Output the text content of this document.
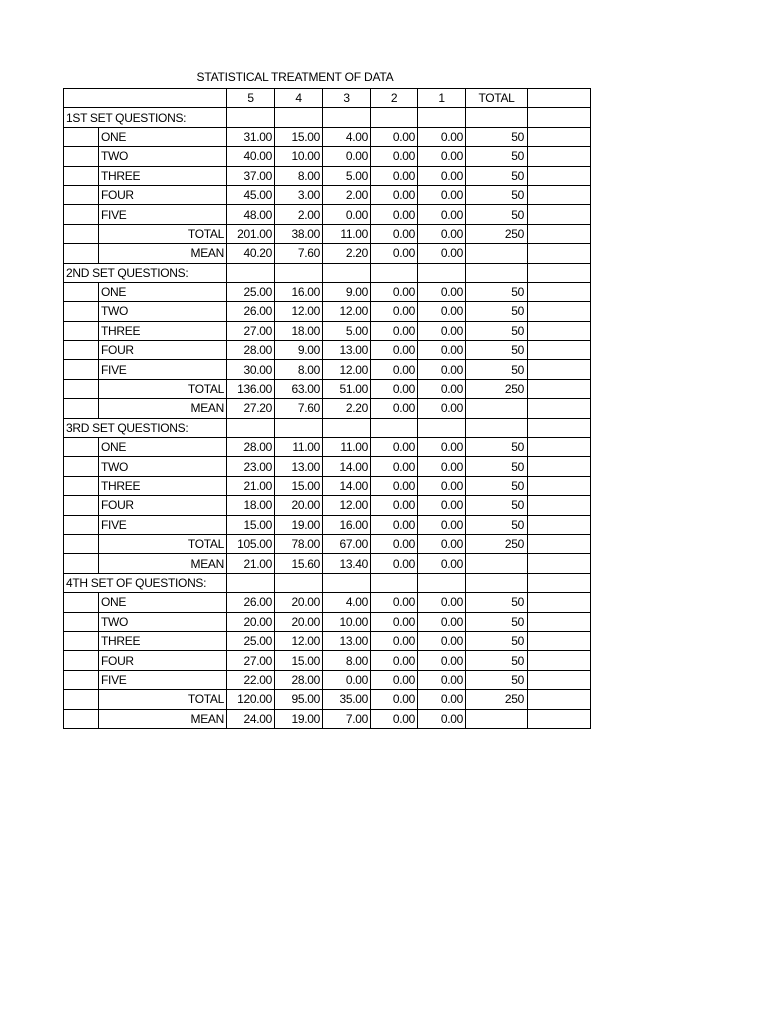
STATISTICAL TREATMENT OF DATA
		5	4	3	2	1	TOTAL	
1ST SET QUESTIONS:								
	ONE	31.00	15.00	4.00	0.00	0.00	50	
	TWO	40.00	10.00	0.00	0.00	0.00	50	
	THREE	37.00	8.00	5.00	0.00	0.00	50	
	FOUR	45.00	3.00	2.00	0.00	0.00	50	
	FIVE	48.00	2.00	0.00	0.00	0.00	50	
	TOTAL	201.00	38.00	11.00	0.00	0.00	250	
	MEAN	40.20	7.60	2.20	0.00	0.00		
2ND SET QUESTIONS:								
	ONE	25.00	16.00	9.00	0.00	0.00	50	
	TWO	26.00	12.00	12.00	0.00	0.00	50	
	THREE	27.00	18.00	5.00	0.00	0.00	50	
	FOUR	28.00	9.00	13.00	0.00	0.00	50	
	FIVE	30.00	8.00	12.00	0.00	0.00	50	
	TOTAL	136.00	63.00	51.00	0.00	0.00	250	
	MEAN	27.20	7.60	2.20	0.00	0.00		
3RD SET QUESTIONS:								
	ONE	28.00	11.00	11.00	0.00	0.00	50	
	TWO	23.00	13.00	14.00	0.00	0.00	50	
	THREE	21.00	15.00	14.00	0.00	0.00	50	
	FOUR	18.00	20.00	12.00	0.00	0.00	50	
	FIVE	15.00	19.00	16.00	0.00	0.00	50	
	TOTAL	105.00	78.00	67.00	0.00	0.00	250	
	MEAN	21.00	15.60	13.40	0.00	0.00		
4TH SET OF QUESTIONS:								
	ONE	26.00	20.00	4.00	0.00	0.00	50	
	TWO	20.00	20.00	10.00	0.00	0.00	50	
	THREE	25.00	12.00	13.00	0.00	0.00	50	
	FOUR	27.00	15.00	8.00	0.00	0.00	50	
	FIVE	22.00	28.00	0.00	0.00	0.00	50	
	TOTAL	120.00	95.00	35.00	0.00	0.00	250	
	MEAN	24.00	19.00	7.00	0.00	0.00		
